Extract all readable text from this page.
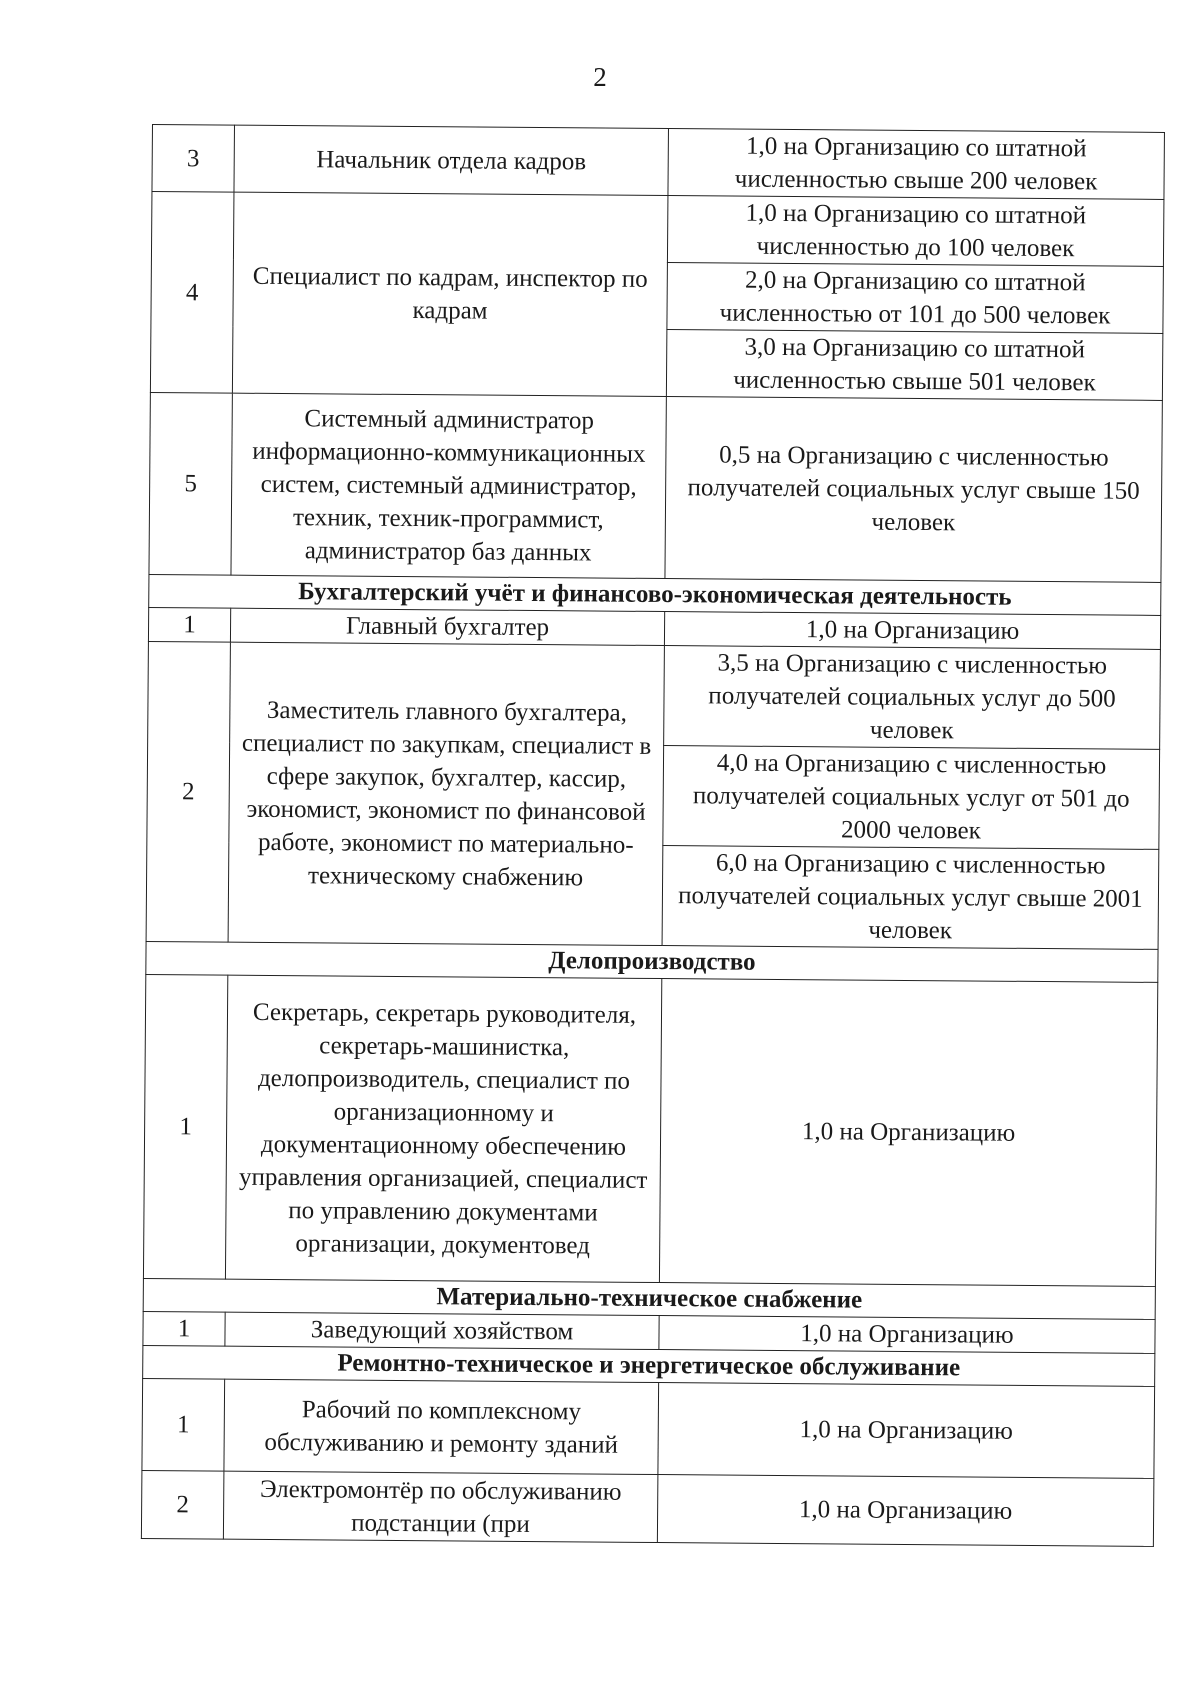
2
3	Начальник отдела кадров	1,0 на Организацию со штатной численностью свыше 200 человек
4	Специалист по кадрам, инспектор по кадрам	1,0 на Организацию со штатной численностью до 100 человек
		2,0 на Организацию со штатной численностью от 101 до 500 человек
		3,0 на Организацию со штатной численностью свыше 501 человек
5	Системный администратор информационно-коммуникационных систем, системный администратор, техник, техник-программист, администратор баз данных	0,5 на Организацию с численностью получателей социальных услуг свыше 150 человек
Бухгалтерский учёт и финансово-экономическая деятельность		
1	Главный бухгалтер	1,0 на Организацию
2	Заместитель главного бухгалтера, специалист по закупкам, специалист в сфере закупок, бухгалтер, кассир, экономист, экономист по финансовой работе, экономист по материально-техническому снабжению	3,5 на Организацию с численностью получателей социальных услуг до 500 человек
		4,0 на Организацию с численностью получателей социальных услуг от 501 до 2000 человек
		6,0 на Организацию с численностью получателей социальных услуг свыше 2001 человек
Делопроизводство		
1	Секретарь, секретарь руководителя, секретарь-машинистка, делопроизводитель, специалист по организационному и документационному обеспечению управления организацией, специалист по управлению документами организации, документовед	1,0 на Организацию
Материально-техническое снабжение		
1	Заведующий хозяйством	1,0 на Организацию
Ремонтно-техническое и энергетическое обслуживание		
1	Рабочий по комплексному обслуживанию и ремонту зданий	1,0 на Организацию
2	Электромонтёр по обслуживанию подстанции (при	1,0 на Организацию
